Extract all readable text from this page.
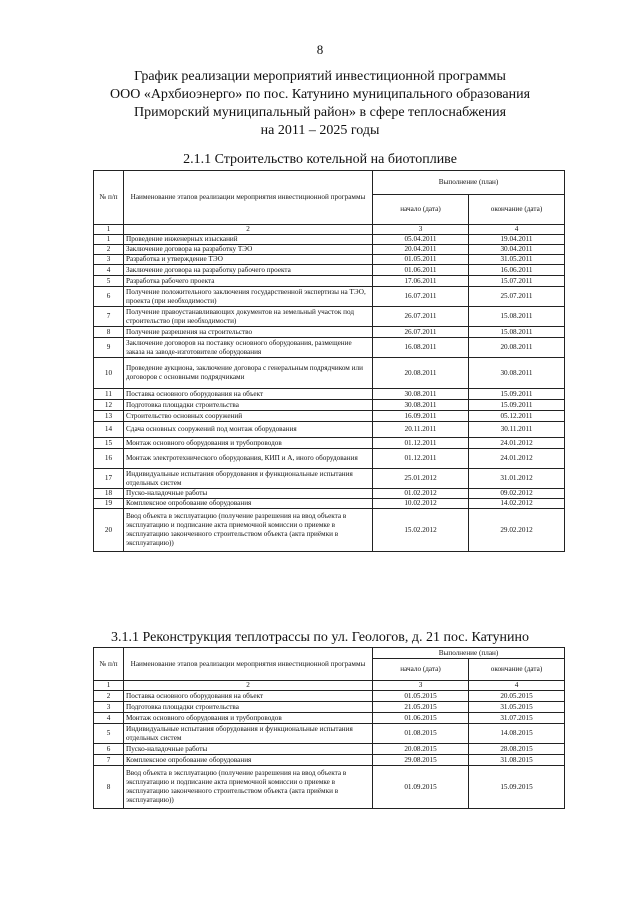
8
График реализации мероприятий инвестиционной программы
ООО «Архбиоэнерго» по пос. Катунино муниципального образования
Приморский муниципальный район» в сфере теплоснабжения
на 2011 – 2025 годы
2.1.1 Строительство котельной на биотопливе
№ п/п	Наименование этапов реализации мероприятия инвестиционной программы	Выполнение (план)	
		начало (дата)	окончание (дата)
1	2	3	4
1	Проведение инженерных изысканий	05.04.2011	19.04.2011
2	Заключение договора на разработку ТЭО	20.04.2011	30.04.2011
3	Разработка и утверждение ТЭО	01.05.2011	31.05.2011
4	Заключение договора на разработку рабочего проекта	01.06.2011	16.06.2011
5	Разработка рабочего проекта	17.06.2011	15.07.2011
6	Получение положительного заключения государственной экспертизы на ТЭО, проекта (при необходимости)	16.07.2011	25.07.2011
7	Получение правоустанавливающих документов на земельный участок под строительство (при необходимости)	26.07.2011	15.08.2011
8	Получение разрешения на строительство	26.07.2011	15.08.2011
9	Заключение договоров на поставку основного оборудования, размещение заказа на заводе-изготовителе оборудования	16.08.2011	20.08.2011
10	Проведение аукциона, заключение договора с генеральным подрядчиком или договоров с основными подрядчиками	20.08.2011	30.08.2011
11	Поставка основного оборудования на объект	30.08.2011	15.09.2011
12	Подготовка площадки строительства	30.08.2011	15.09.2011
13	Строительство основных сооружений	16.09.2011	05.12.2011
14	Сдача основных сооружений под монтаж оборудования	20.11.2011	30.11.2011
15	Монтаж основного оборудования и трубопроводов	01.12.2011	24.01.2012
16	Монтаж электротехнического оборудования, КИП и А, иного оборудования	01.12.2011	24.01.2012
17	Индивидуальные испытания оборудования и функциональные испытания отдельных систем	25.01.2012	31.01.2012
18	Пуско-наладочные работы	01.02.2012	09.02.2012
19	Комплексное опробование оборудования	10.02.2012	14.02.2012
20	Ввод объекта в эксплуатацию (получение разрешения на ввод объекта в эксплуатацию и подписание акта приемочной комиссии о приемке в эксплуатацию законченного строительством объекта (акта приёмки в эксплуатацию))	15.02.2012	29.02.2012
3.1.1 Реконструкция теплотрассы по ул. Геологов, д. 21 пос. Катунино
№ п/п	Наименование этапов реализации мероприятия инвестиционной программы	Выполнение (план)	
		начало (дата)	окончание (дата)
1	2	3	4
2	Поставка основного оборудования на объект	01.05.2015	20.05.2015
3	Подготовка площадки строительства	21.05.2015	31.05.2015
4	Монтаж основного оборудования и трубопроводов	01.06.2015	31.07.2015
5	Индивидуальные испытания оборудования и функциональные испытания отдельных систем	01.08.2015	14.08.2015
6	Пуско-наладочные работы	20.08.2015	28.08.2015
7	Комплексное опробование оборудования	29.08.2015	31.08.2015
8	Ввод объекта в эксплуатацию (получение разрешения на ввод объекта в эксплуатацию и подписание акта приемочной комиссии о приемке в эксплуатацию законченного строительством объекта (акта приёмки в эксплуатацию))	01.09.2015	15.09.2015
